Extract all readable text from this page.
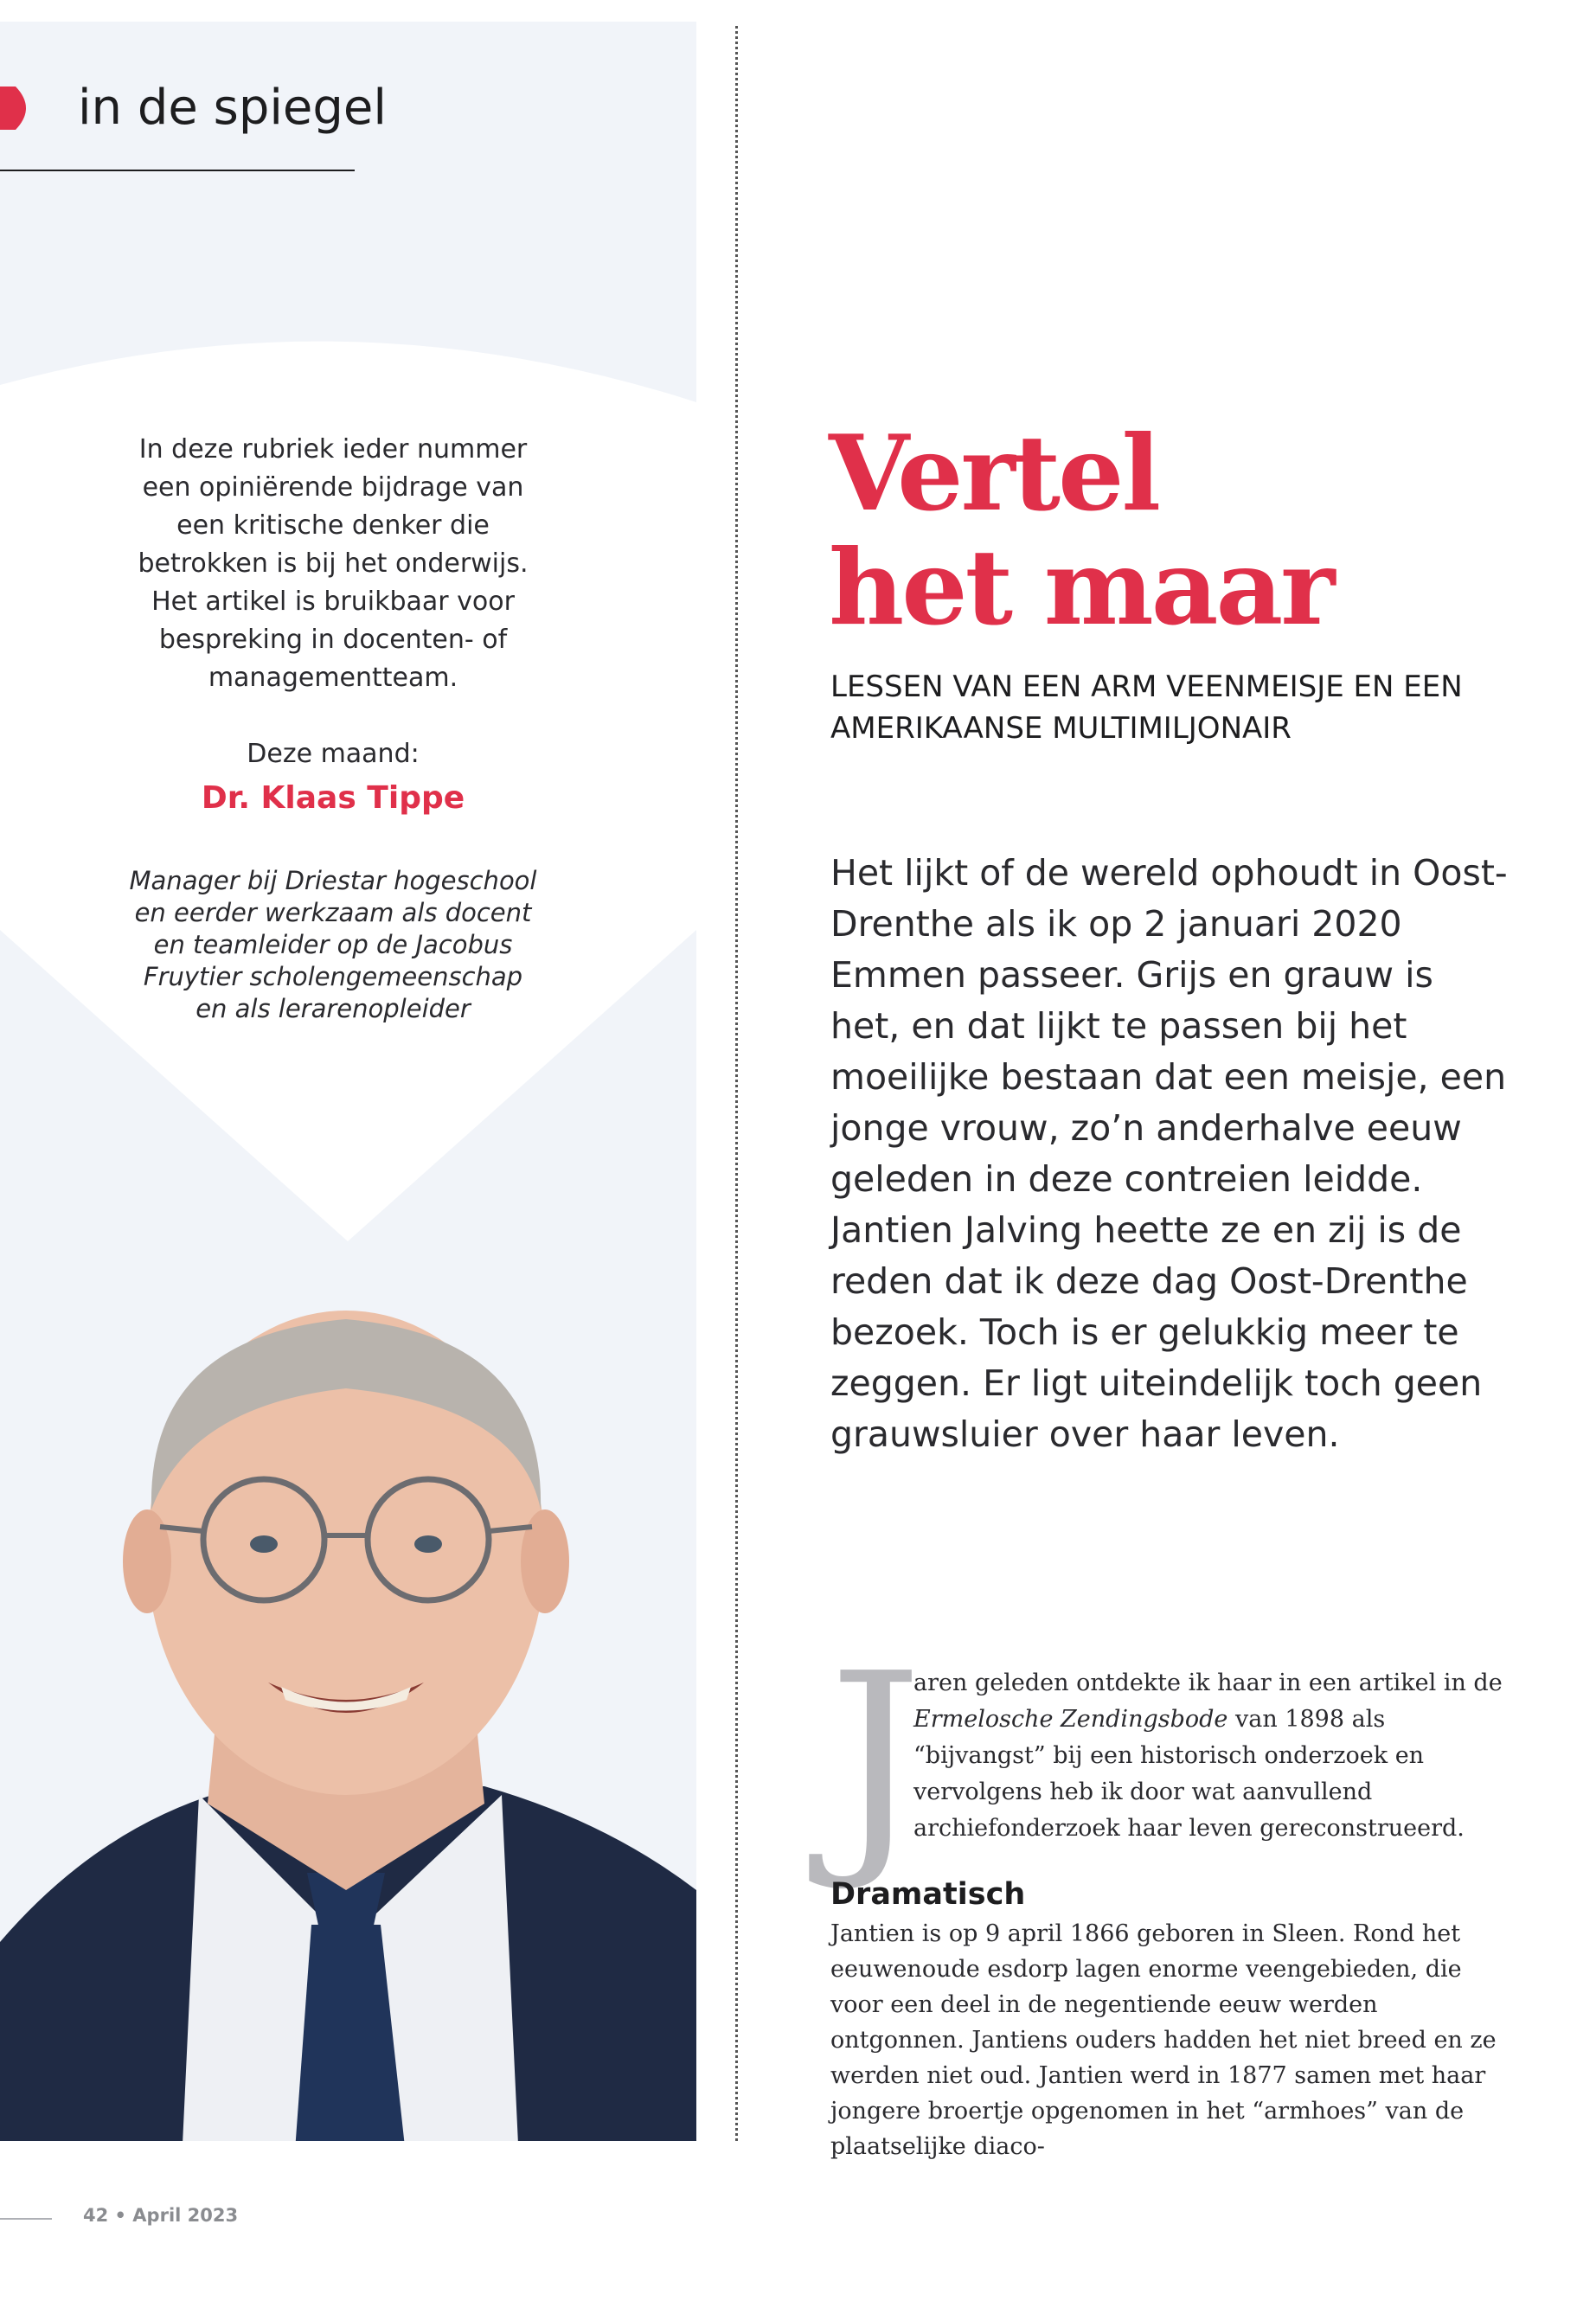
in de spiegel
In deze rubriek ieder nummer een opiniërende bijdrage van een kritische denker die betrokken is bij het onderwijs. Het artikel is bruikbaar voor bespreking in docenten- of managementteam.
Deze maand:
Dr. Klaas Tippe
Manager bij Driestar hogeschool en eerder werkzaam als docent en teamleider op de Jacobus Fruytier scholengemeenschap en als lerarenopleider
Vertel
het maar
LESSEN VAN EEN ARM VEENMEISJE EN EEN AMERIKAANSE MULTIMILJONAIR
Het lijkt of de wereld ophoudt in Oost-Drenthe als ik op 2 januari 2020 Emmen passeer. Grijs en grauw is het, en dat lijkt te passen bij het moeilijke bestaan dat een meisje, een jonge vrouw, zo’n anderhalve eeuw geleden in deze contreien leidde. Jantien Jalving heette ze en zij is de reden dat ik deze dag Oost-Drenthe bezoek. Toch is er gelukkig meer te zeggen. Er ligt uiteindelijk toch geen grauwsluier over haar leven.
J
aren geleden ontdekte ik haar in een artikel in de Ermelosche Zendingsbode van 1898 als “bijvangst” bij een historisch onderzoek en vervolgens heb ik door wat aanvullend archiefonderzoek haar leven gereconstrueerd.
Dramatisch
Jantien is op 9 april 1866 geboren in Sleen. Rond het eeuwenoude esdorp lagen enorme veengebieden, die voor een deel in de negentiende eeuw werden ontgonnen. Jantiens ouders hadden het niet breed en ze werden niet oud. Jantien werd in 1877 samen met haar jongere broertje opgenomen in het “armhoes” van de plaatselijke diaco-
42 • April 2023
